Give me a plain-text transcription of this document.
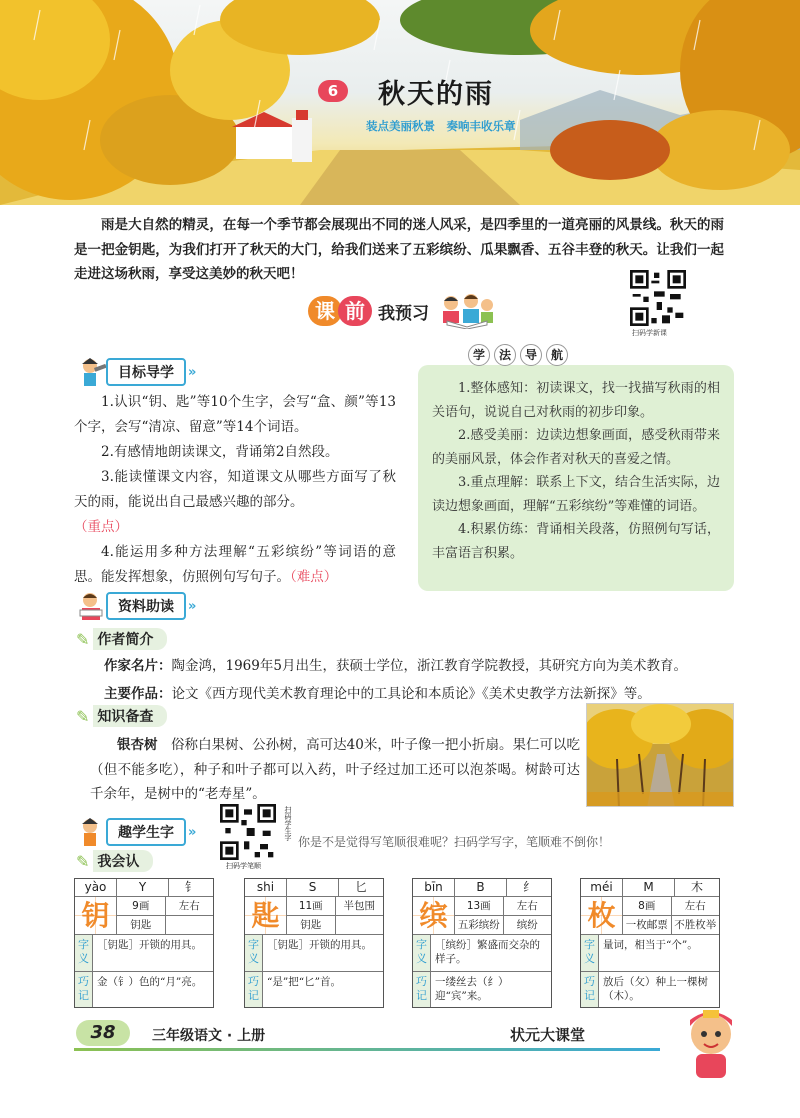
6	秋天的雨
装点美丽秋景　奏响丰收乐章
雨是大自然的精灵，在每一个季节都会展现出不同的迷人风采，是四季里的一道亮丽的风景线。秋天的雨是一把金钥匙，为我们打开了秋天的大门，给我们送来了五彩缤纷、瓜果飘香、五谷丰登的秋天。让我们一起走进这场秋雨，享受这美妙的秋天吧！
扫码学新课
课 前 我预习
目标导学	»

1.认识“钥、匙”等10个生字，会写“盒、颜”等13个字，会写“清凉、留意”等14个词语。

2.有感情地朗读课文，背诵第2自然段。

3.能读懂课文内容，知道课文从哪些方面写了秋天的雨，能说出自己最感兴趣的部分。
（重点）

4.能运用多种方法理解“五彩缤纷”等词语的意思。能发挥想象，仿照例句写句子。（难点）

1.整体感知：初读课文，找一找描写秋雨的相关语句，说说自己对秋雨的初步印象。

2.感受美丽：边读边想象画面，感受秋雨带来的美丽风景，体会作者对秋天的喜爱之情。

3.重点理解：联系上下文，结合生活实际，边读边想象画面，理解“五彩缤纷”等难懂的词语。

4.积累仿练：背诵相关段落，仿照例句写话，丰富语言积累。

学	法	导	航
资料助读	»
✎ 作者简介

作家名片：陶金鸿，1969年5月出生，获硕士学位，浙江教育学院教授，其研究方向为美术教育。

主要作品：论文《西方现代美术教育理论中的工具论和本质论》《美术史教学方法新探》等。

✎ 知识备查
银杏树　 俗称白果树、公孙树，高可达40米，叶子像一把小折扇。果仁可以吃（但不能多吃），种子和叶子都可以入药，叶子经过加工还可以泡茶喝。树龄可达千余年，是树中的“老寿星”。
趣学生字	»
扫码学笔顺
扫码学生字
你是不是觉得写笔顺很难呢？扫码学写字，笔顺难不倒你！
✎ 我会认
yào	Y	钅
钥	9画	左右
钥匙
字义
［钥匙］开锁的用具。
巧记
金（钅）色的“月”亮。
shi	S	匕
匙	11画	半包围
钥匙
字义
［钥匙］开锁的用具。
巧记
“是”把“匕”首。
bīn	B	纟
缤	13画	左右
五彩缤纷	缤纷
字义
［缤纷］繁盛而交杂的样子。
巧记
一缕丝去（纟）迎“宾”来。
méi	M	木
枚	8画	左右
一枚邮票 不胜枚举
字义
量词，相当于“个”。
巧记
放后（攵）种上一棵树（木）。
38	三年级语文 · 上册	状元大课堂
